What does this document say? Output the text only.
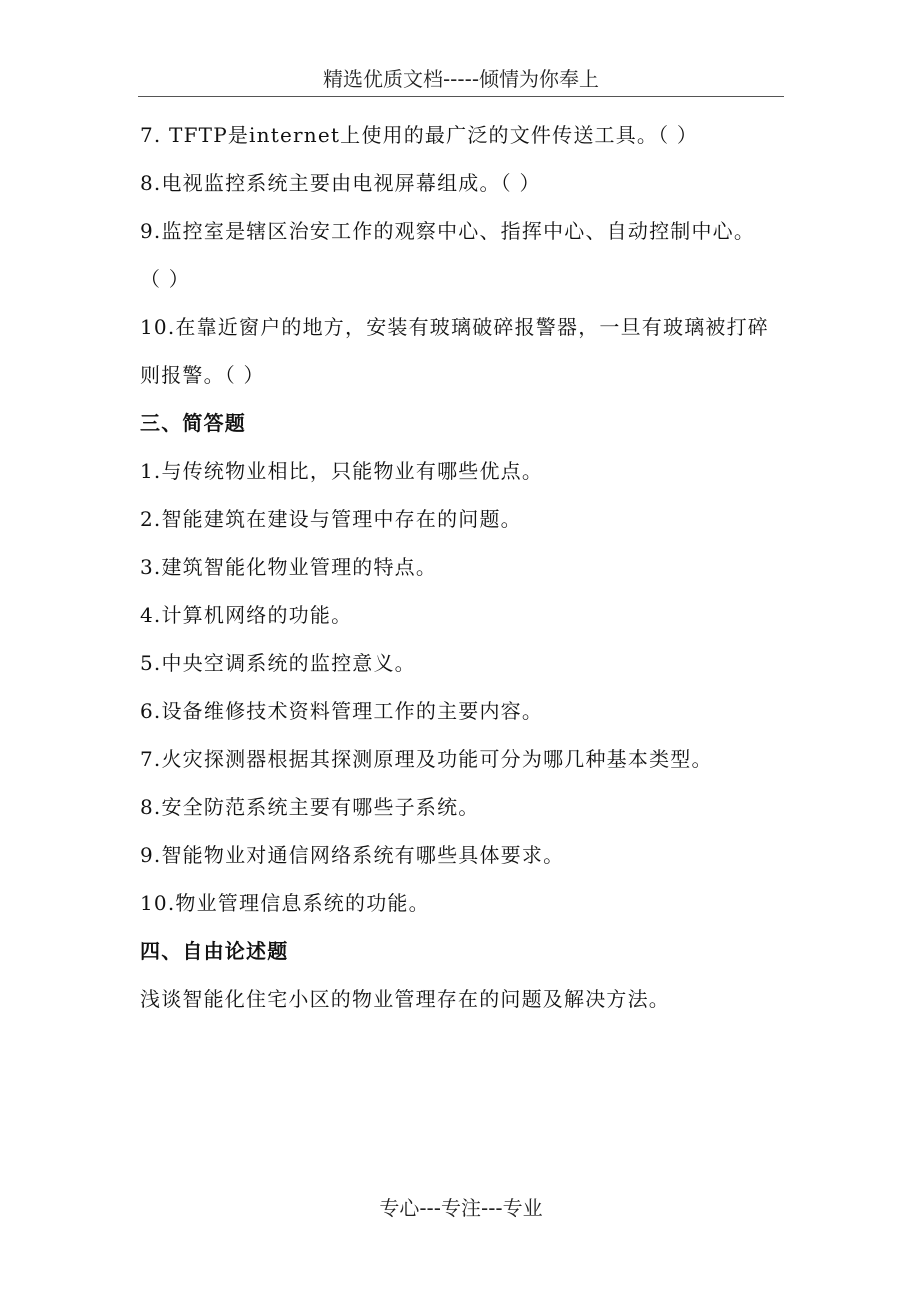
精选优质文档-----倾情为你奉上
7. TFTP是internet上使用的最广泛的文件传送工具。（ ）
8.电视监控系统主要由电视屏幕组成。（ ）
9.监控室是辖区治安工作的观察中心、指挥中心、自动控制中心。
（ ）
10.在靠近窗户的地方，安装有玻璃破碎报警器，一旦有玻璃被打碎
则报警。（ ）
三、简答题
1.与传统物业相比，只能物业有哪些优点。
2.智能建筑在建设与管理中存在的问题。
3.建筑智能化物业管理的特点。
4.计算机网络的功能。
5.中央空调系统的监控意义。
6.设备维修技术资料管理工作的主要内容。
7.火灾探测器根据其探测原理及功能可分为哪几种基本类型。
8.安全防范系统主要有哪些子系统。
9.智能物业对通信网络系统有哪些具体要求。
10.物业管理信息系统的功能。
四、自由论述题
浅谈智能化住宅小区的物业管理存在的问题及解决方法。
专心---专注---专业
